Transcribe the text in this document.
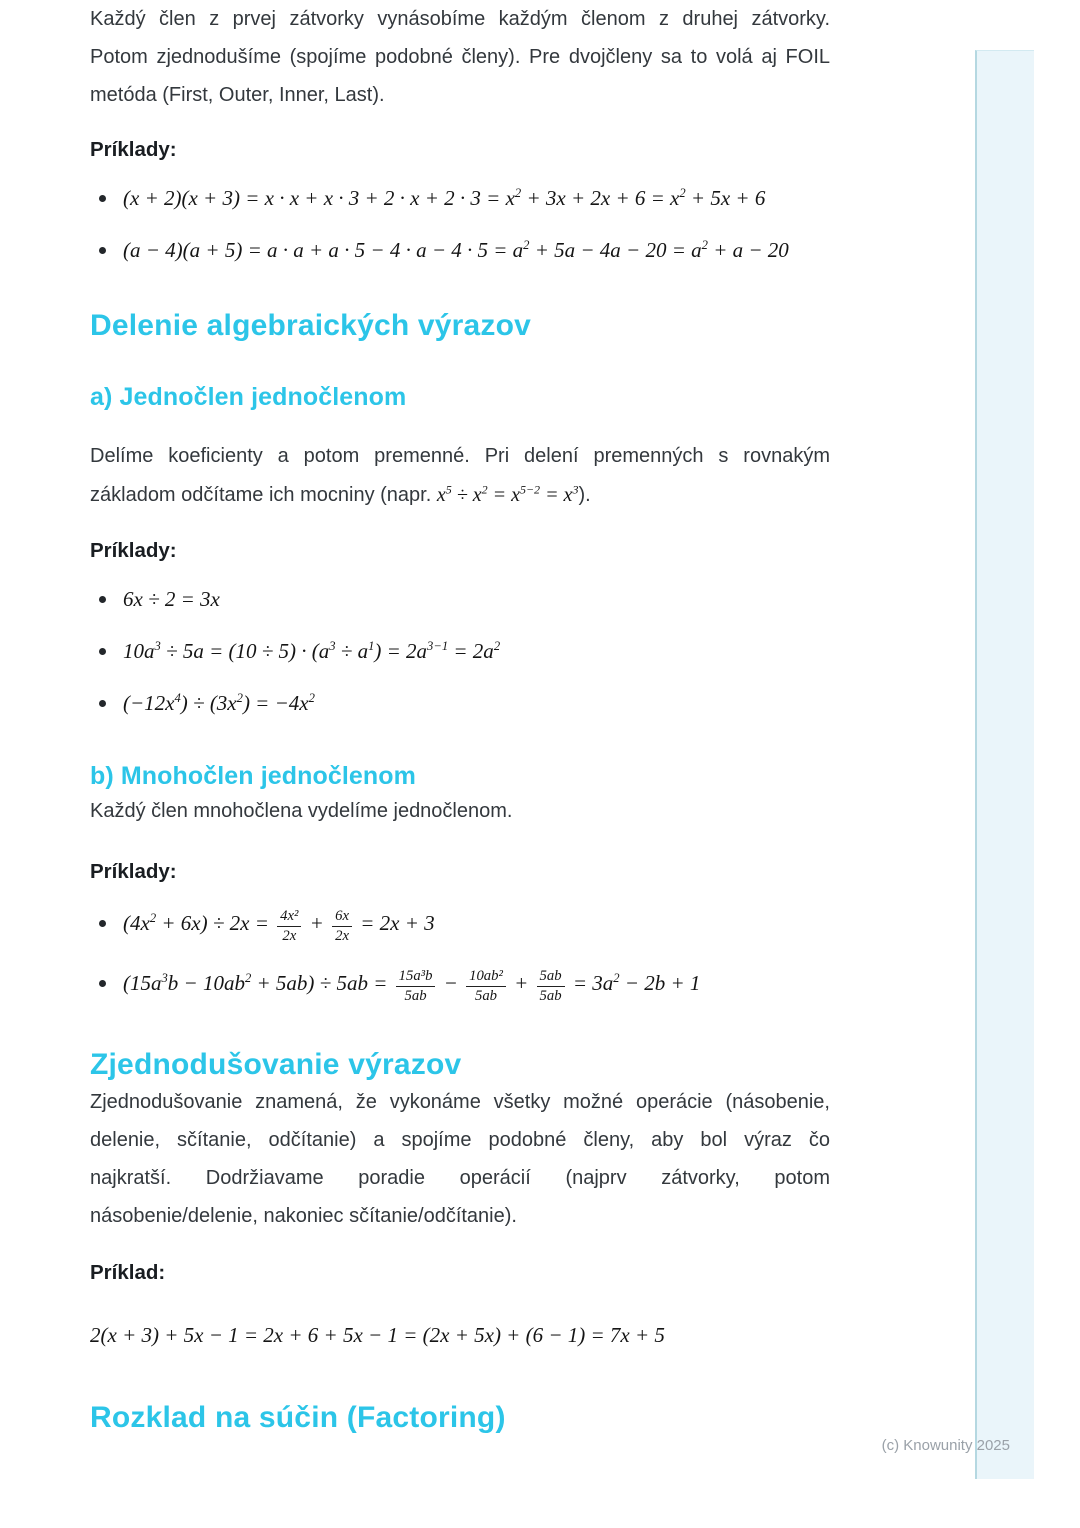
Každý člen z prvej zátvorky vynásobíme každým členom z druhej zátvorky.
Potom zjednodušíme (spojíme podobné členy). Pre dvojčleny sa to volá aj FOIL
metóda (First, Outer, Inner, Last).

Príklady:

$(x + 2)(x + 3) = x \cdot x + x \cdot 3 + 2 \cdot x + 2 \cdot 3 = x^2 + 3x + 2x + 6 = x^2 + 5x + 6$
$(a - 4)(a + 5) = a \cdot a + a \cdot 5 - 4 \cdot a - 4 \cdot 5 = a^2 + 5a - 4a - 20 = a^2 + a - 20$
Delenie algebraických výrazov
a) Jednočlen jednočlenom
Delíme koeficienty a potom premenné. Pri delení premenných s rovnakým
základom odčítame ich mocniny (napr. $x^5 \div x^2 = x^{5-2} = x^3$).

Príklady:

6x ÷ 2 = 3x
$10a^3 \div 5a = (10 \div 5) \cdot (a^3 \div a^1) = 2a^{3-1} = 2a^2$
$(-12x^4) \div (3x^2) = -4x^2$
b) Mnohočlen jednočlenom

Každý člen mnohočlena vydelíme jednočlenom.

Príklady:

$(4x^2 + 6x) \div 2x = \frac{\text{4x²}}{2x} + \frac{6x}{2x} = 2x + 3$
$(15a^3b - 10ab^2 + 5ab) \div 5ab = \frac{\text{15a³b}}{5ab} - \frac{\text{10ab²}}{5ab} + \frac{5ab}{5ab} = 3a^2 - 2b + 1$
Zjednodušovanie výrazov

Zjednodušovanie znamená, že vykonáme všetky možné operácie (násobenie,
delenie, sčítanie, odčítanie) a spojíme podobné členy, aby bol výraz čo
najkratší. Dodržiavame poradie operácií (najprv zátvorky, potom
násobenie/delenie, nakoniec sčítanie/odčítanie).

Príklad:

2(x + 3) + 5x − 1 = 2x + 6 + 5x − 1 = (2x + 5x) + (6 − 1) = 7x + 5
Rozklad na súčin (Factoring)
(c) Knowunity 2025
